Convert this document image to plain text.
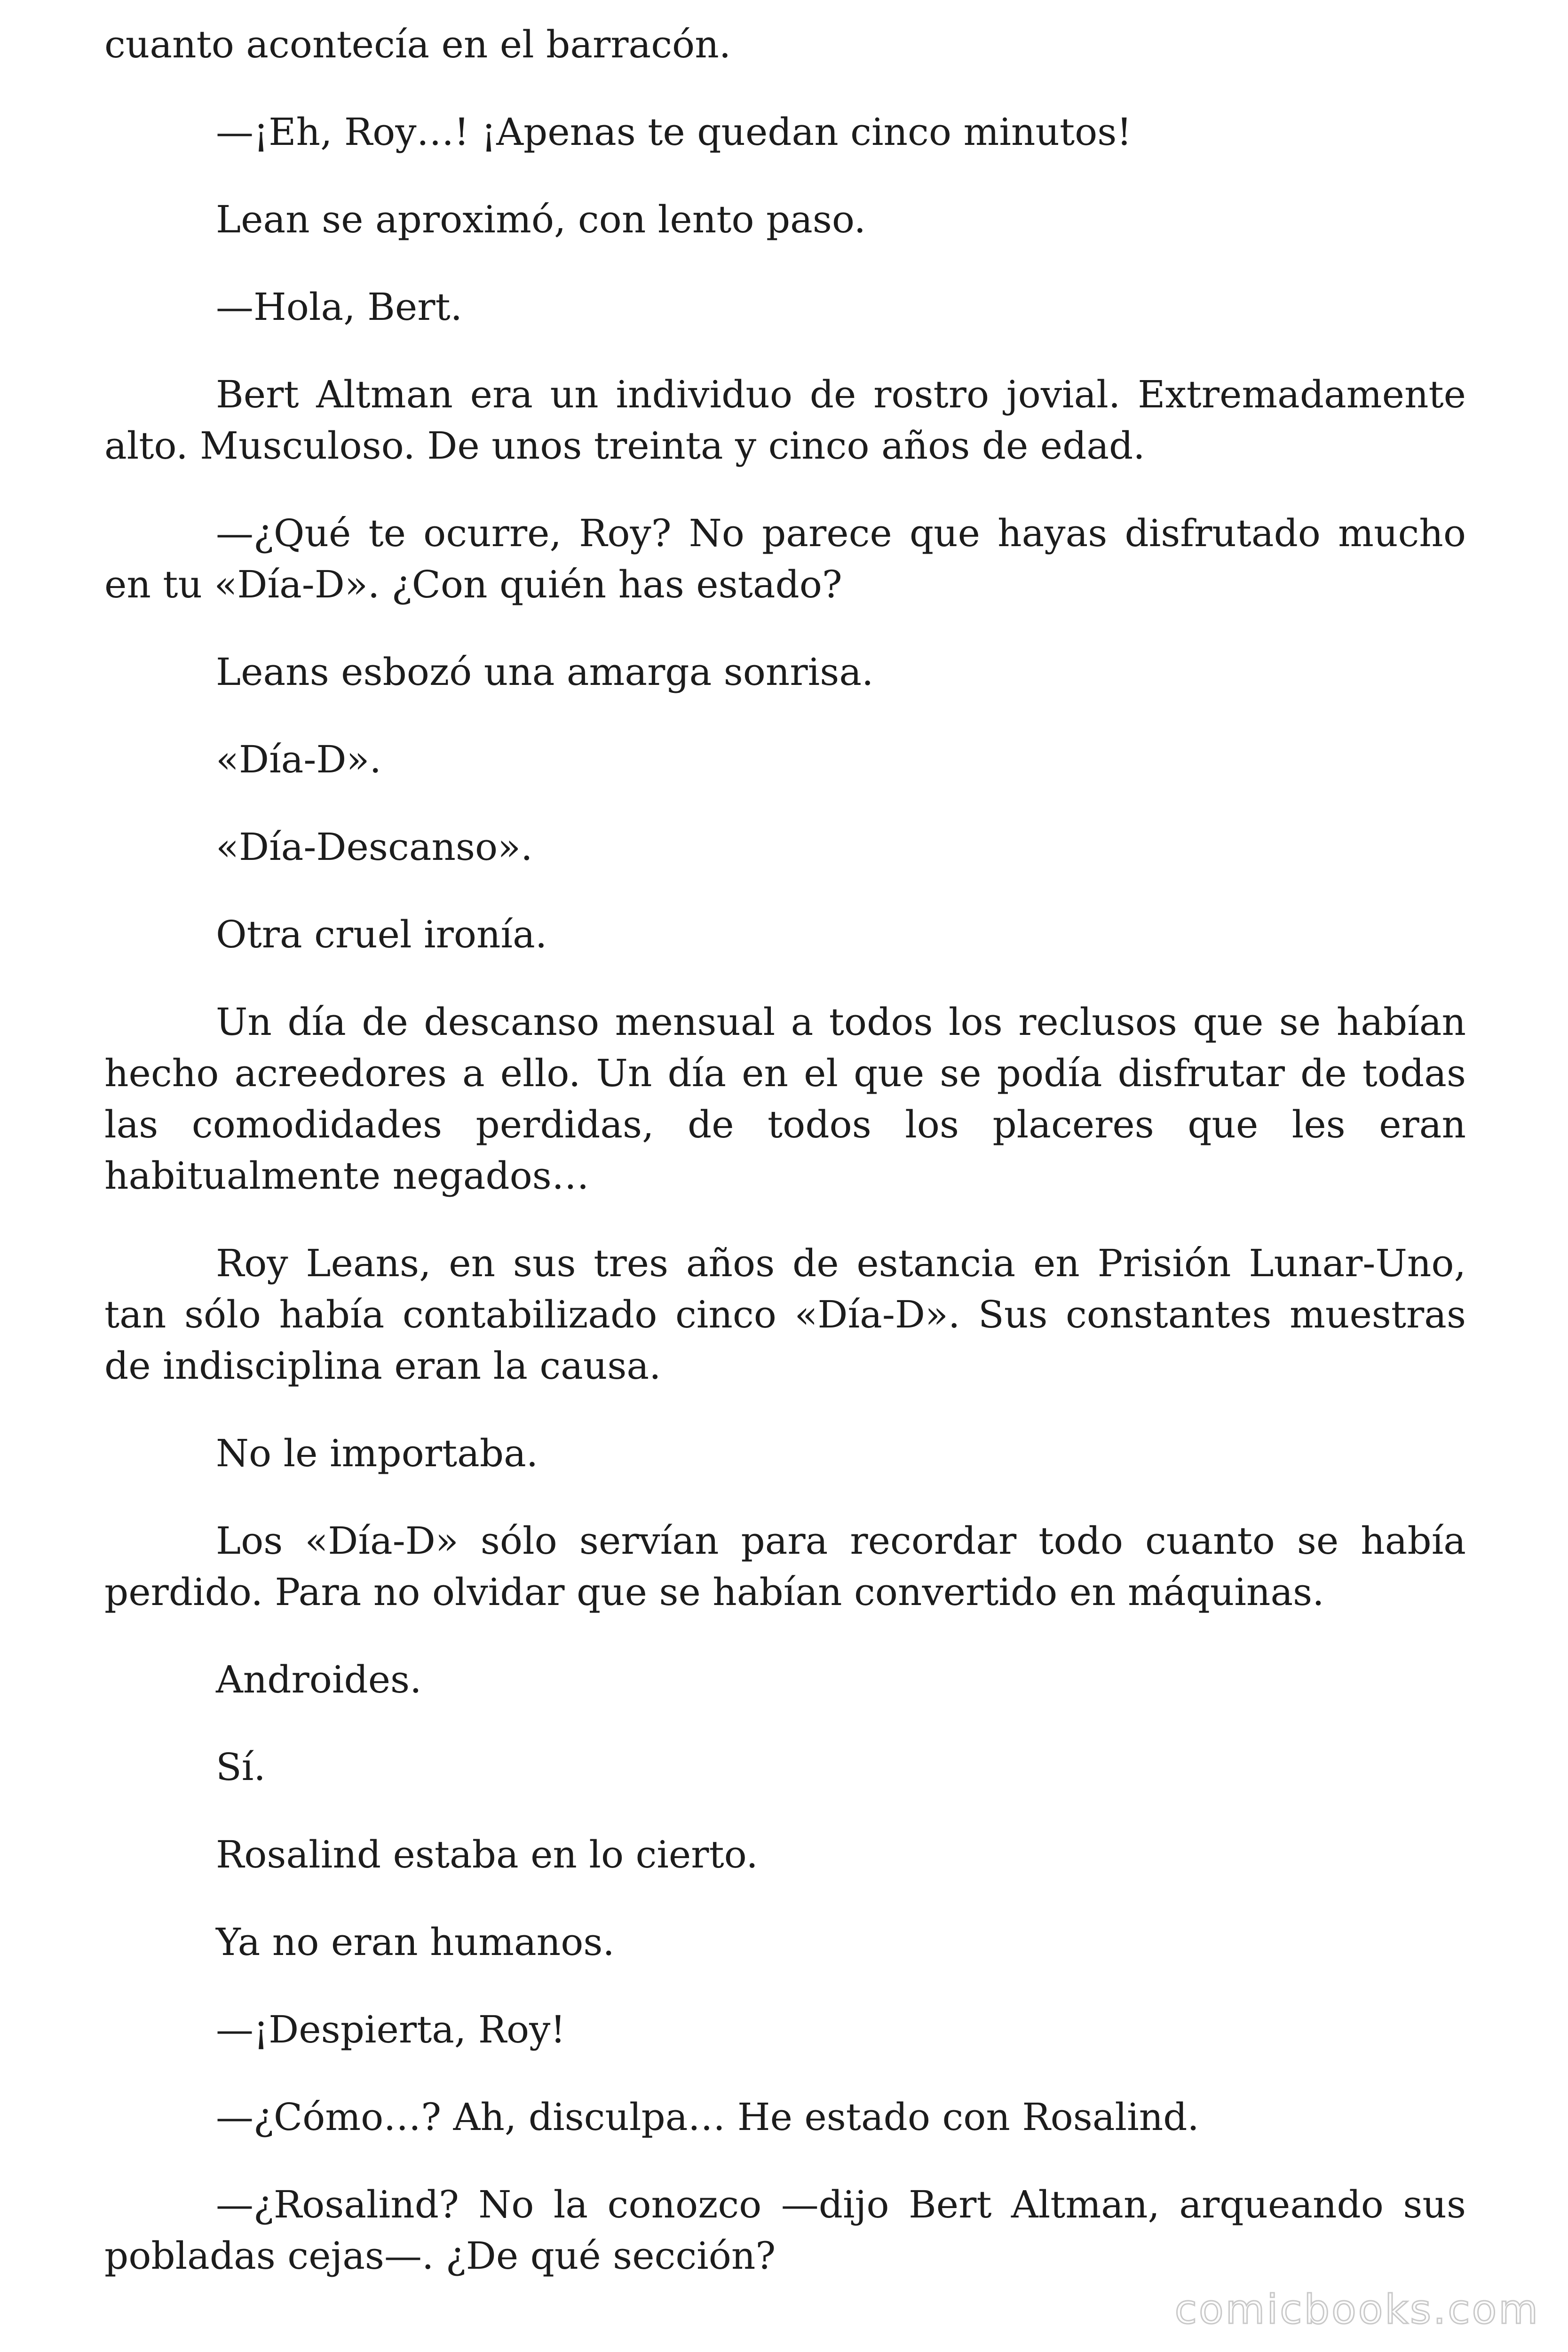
cuanto acontecía en el barracón.

—¡Eh, Roy…! ¡Apenas te quedan cinco minutos!

Lean se aproximó, con lento paso.

—Hola, Bert.

Bert Altman era un individuo de rostro jovial. Extremadamente alto. Musculoso. De unos treinta y cinco años de edad.

—¿Qué te ocurre, Roy? No parece que hayas disfrutado mucho en tu «Día-D». ¿Con quién has estado?

Leans esbozó una amarga sonrisa.

«Día-D».

«Día-Descanso».

Otra cruel ironía.

Un día de descanso mensual a todos los reclusos que se habían hecho acreedores a ello. Un día en el que se podía disfrutar de todas las comodidades perdidas, de todos los placeres que les eran habitualmente negados…

Roy Leans, en sus tres años de estancia en Prisión Lunar-Uno, tan sólo había contabilizado cinco «Día-D». Sus constantes muestras de indisciplina eran la causa.

No le importaba.

Los «Día-D» sólo servían para recordar todo cuanto se había perdido. Para no olvidar que se habían convertido en máquinas.

Androides.

Sí.

Rosalind estaba en lo cierto.

Ya no eran humanos.

—¡Despierta, Roy!

—¿Cómo…? Ah, disculpa… He estado con Rosalind.

—¿Rosalind? No la conozco —dijo Bert Altman, arqueando sus pobladas cejas—. ¿De qué sección?

comicbooks.com
